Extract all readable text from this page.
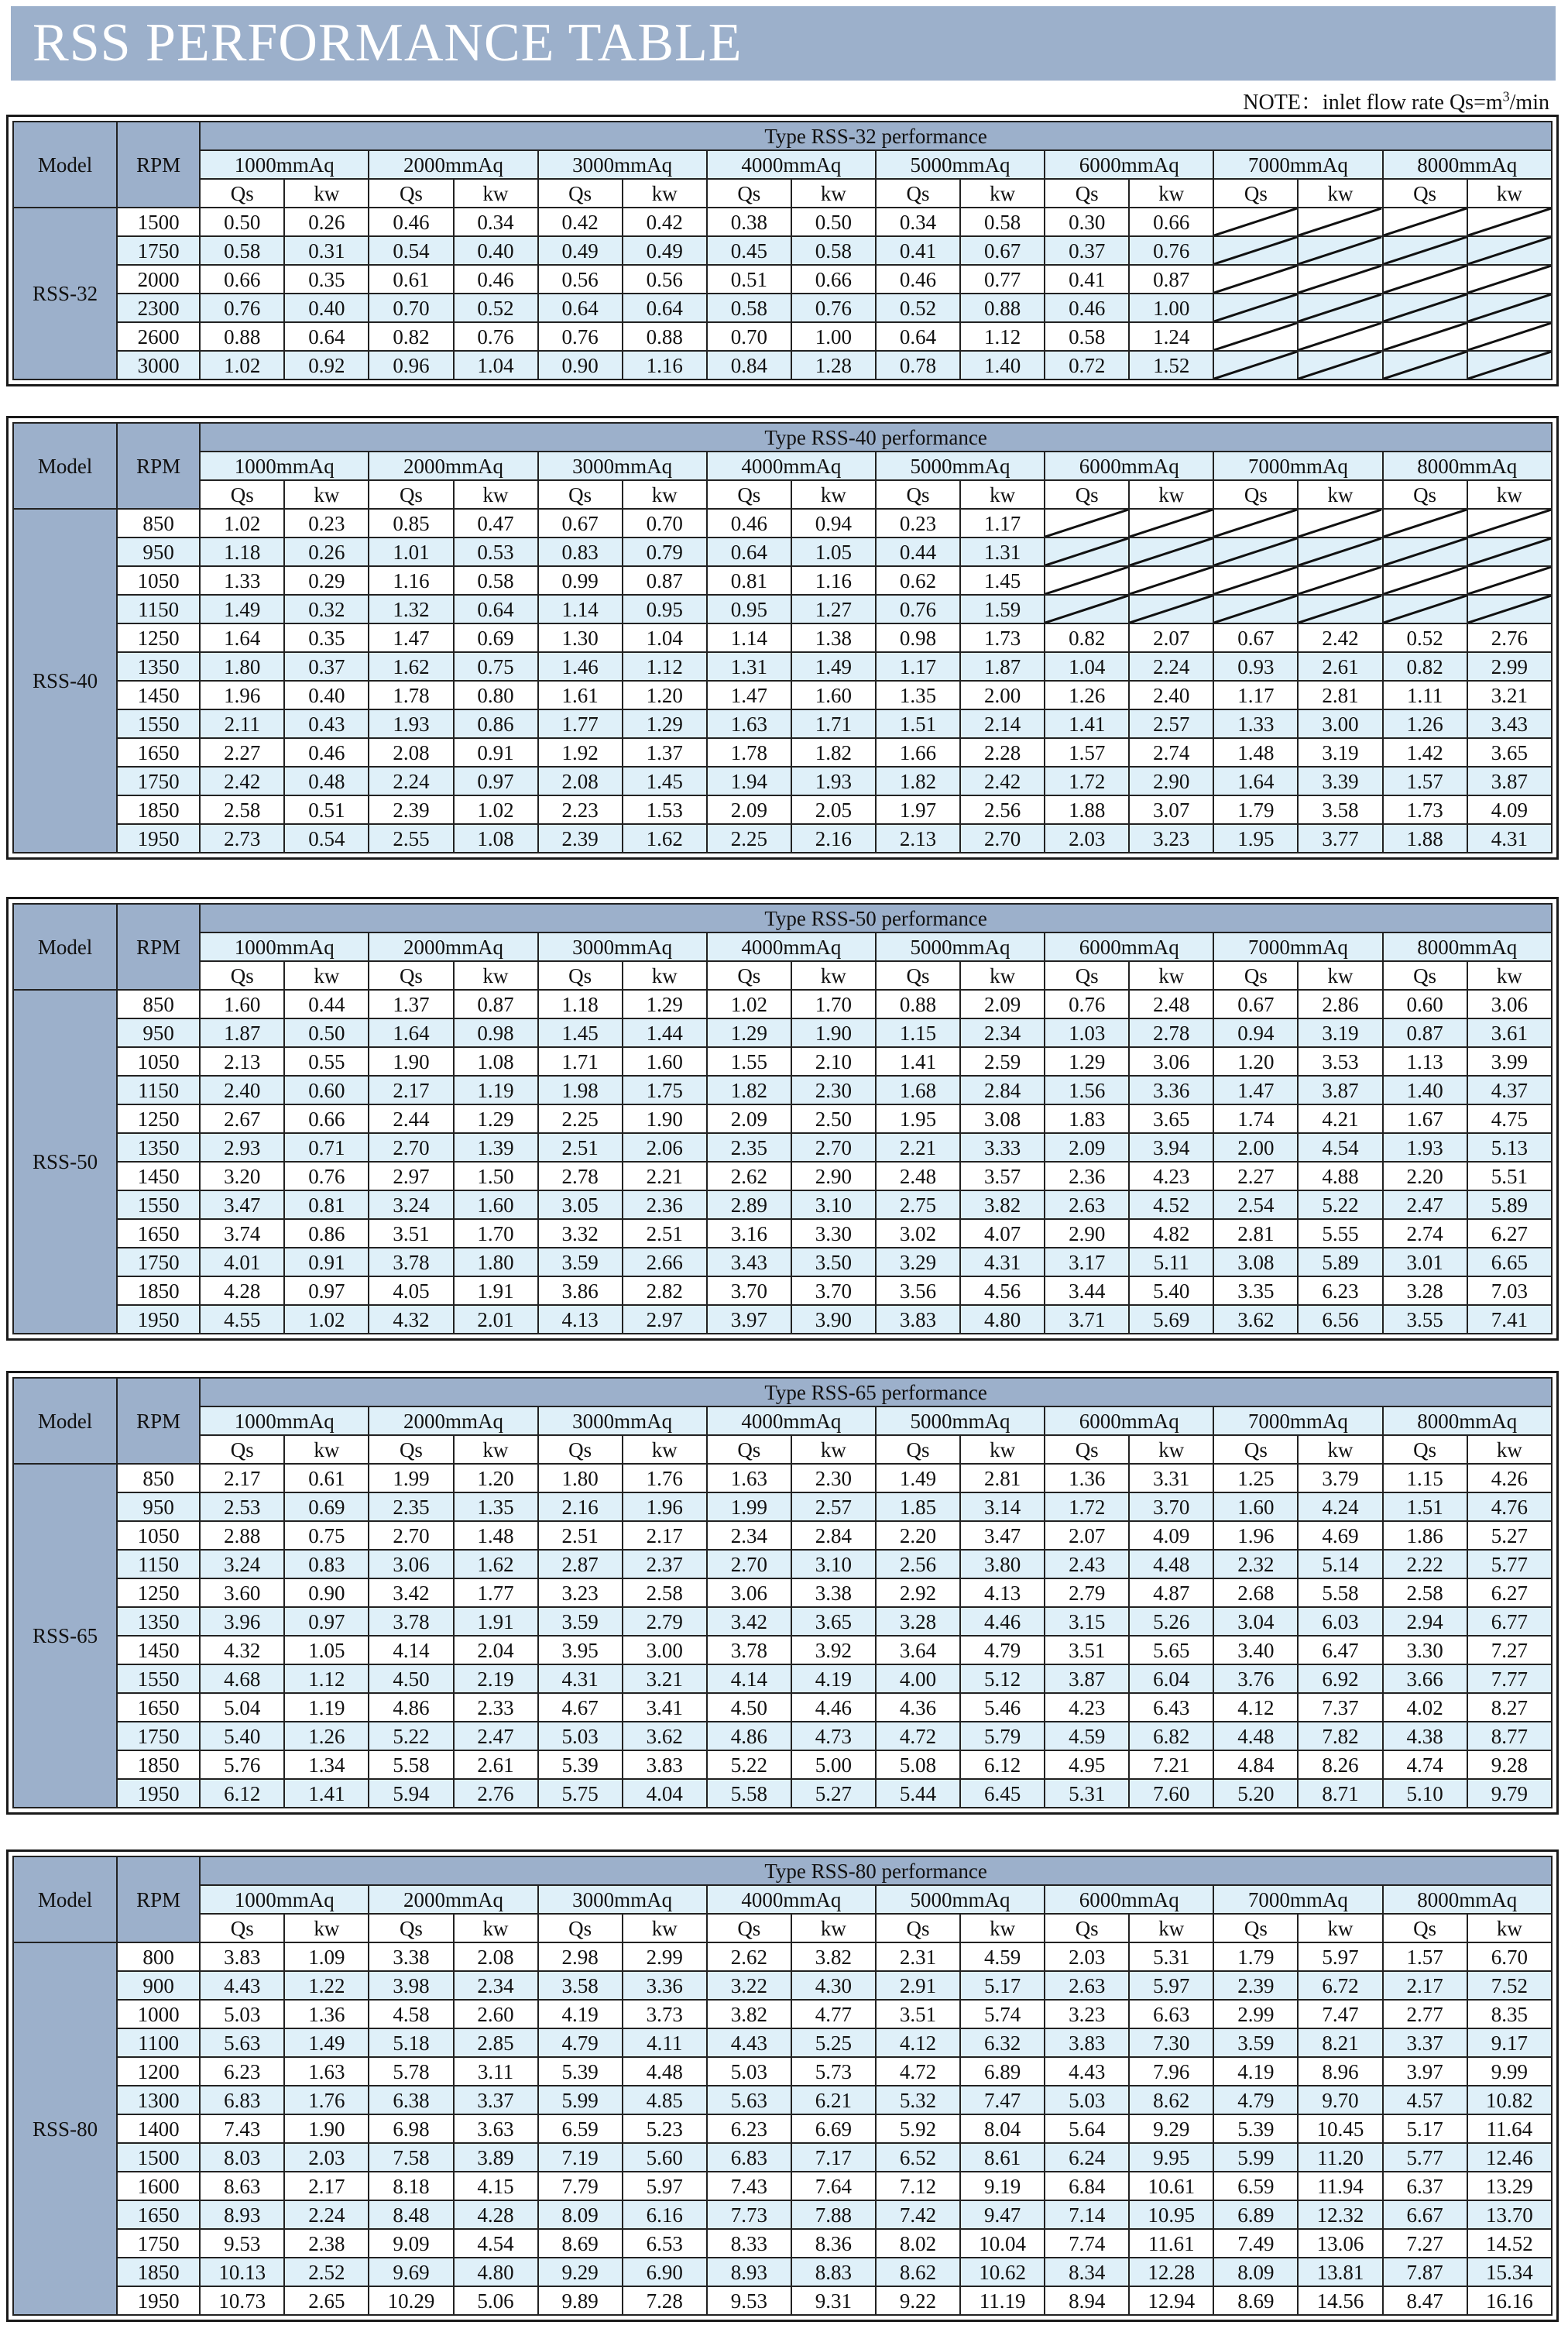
RSS PERFORMANCE TABLE
NOTE：inlet flow rate $Qs=m^3/\min$
Model	RPM	Type RSS-32 performance															
		1000mmAq		2000mmAq		3000mmAq		4000mmAq		5000mmAq		6000mmAq		7000mmAq		8000mmAq	
		Qs	kw	Qs	kw	Qs	kw	Qs	kw	Qs	kw	Qs	kw	Qs	kw	Qs	kw
RSS-32	1500	0.50	0.26	0.46	0.34	0.42	0.42	0.38	0.50	0.34	0.58	0.30	0.66	

	1750	0.58	0.31	0.54	0.40	0.49	0.49	0.45	0.58	0.41	0.67	0.37	0.76	

	2000	0.66	0.35	0.61	0.46	0.56	0.56	0.51	0.66	0.46	0.77	0.41	0.87	

	2300	0.76	0.40	0.70	0.52	0.64	0.64	0.58	0.76	0.52	0.88	0.46	1.00	

	2600	0.88	0.64	0.82	0.76	0.76	0.88	0.70	1.00	0.64	1.12	0.58	1.24	

	3000	1.02	0.92	0.96	1.04	0.90	1.16	0.84	1.28	0.78	1.40	0.72	1.52	

Model	RPM	Type RSS-40 performance															
		1000mmAq		2000mmAq		3000mmAq		4000mmAq		5000mmAq		6000mmAq		7000mmAq		8000mmAq	
		Qs	kw	Qs	kw	Qs	kw	Qs	kw	Qs	kw	Qs	kw	Qs	kw	Qs	kw
RSS-40	850	1.02	0.23	0.85	0.47	0.67	0.70	0.46	0.94	0.23	1.17	

	950	1.18	0.26	1.01	0.53	0.83	0.79	0.64	1.05	0.44	1.31	

	1050	1.33	0.29	1.16	0.58	0.99	0.87	0.81	1.16	0.62	1.45	

	1150	1.49	0.32	1.32	0.64	1.14	0.95	0.95	1.27	0.76	1.59	

	1250	1.64	0.35	1.47	0.69	1.30	1.04	1.14	1.38	0.98	1.73	0.82	2.07	0.67	2.42	0.52	2.76
	1350	1.80	0.37	1.62	0.75	1.46	1.12	1.31	1.49	1.17	1.87	1.04	2.24	0.93	2.61	0.82	2.99
	1450	1.96	0.40	1.78	0.80	1.61	1.20	1.47	1.60	1.35	2.00	1.26	2.40	1.17	2.81	1.11	3.21
	1550	2.11	0.43	1.93	0.86	1.77	1.29	1.63	1.71	1.51	2.14	1.41	2.57	1.33	3.00	1.26	3.43
	1650	2.27	0.46	2.08	0.91	1.92	1.37	1.78	1.82	1.66	2.28	1.57	2.74	1.48	3.19	1.42	3.65
	1750	2.42	0.48	2.24	0.97	2.08	1.45	1.94	1.93	1.82	2.42	1.72	2.90	1.64	3.39	1.57	3.87
	1850	2.58	0.51	2.39	1.02	2.23	1.53	2.09	2.05	1.97	2.56	1.88	3.07	1.79	3.58	1.73	4.09
	1950	2.73	0.54	2.55	1.08	2.39	1.62	2.25	2.16	2.13	2.70	2.03	3.23	1.95	3.77	1.88	4.31
Model	RPM	Type RSS-50 performance															
		1000mmAq		2000mmAq		3000mmAq		4000mmAq		5000mmAq		6000mmAq		7000mmAq		8000mmAq	
		Qs	kw	Qs	kw	Qs	kw	Qs	kw	Qs	kw	Qs	kw	Qs	kw	Qs	kw
RSS-50	850	1.60	0.44	1.37	0.87	1.18	1.29	1.02	1.70	0.88	2.09	0.76	2.48	0.67	2.86	0.60	3.06
	950	1.87	0.50	1.64	0.98	1.45	1.44	1.29	1.90	1.15	2.34	1.03	2.78	0.94	3.19	0.87	3.61
	1050	2.13	0.55	1.90	1.08	1.71	1.60	1.55	2.10	1.41	2.59	1.29	3.06	1.20	3.53	1.13	3.99
	1150	2.40	0.60	2.17	1.19	1.98	1.75	1.82	2.30	1.68	2.84	1.56	3.36	1.47	3.87	1.40	4.37
	1250	2.67	0.66	2.44	1.29	2.25	1.90	2.09	2.50	1.95	3.08	1.83	3.65	1.74	4.21	1.67	4.75
	1350	2.93	0.71	2.70	1.39	2.51	2.06	2.35	2.70	2.21	3.33	2.09	3.94	2.00	4.54	1.93	5.13
	1450	3.20	0.76	2.97	1.50	2.78	2.21	2.62	2.90	2.48	3.57	2.36	4.23	2.27	4.88	2.20	5.51
	1550	3.47	0.81	3.24	1.60	3.05	2.36	2.89	3.10	2.75	3.82	2.63	4.52	2.54	5.22	2.47	5.89
	1650	3.74	0.86	3.51	1.70	3.32	2.51	3.16	3.30	3.02	4.07	2.90	4.82	2.81	5.55	2.74	6.27
	1750	4.01	0.91	3.78	1.80	3.59	2.66	3.43	3.50	3.29	4.31	3.17	5.11	3.08	5.89	3.01	6.65
	1850	4.28	0.97	4.05	1.91	3.86	2.82	3.70	3.70	3.56	4.56	3.44	5.40	3.35	6.23	3.28	7.03
	1950	4.55	1.02	4.32	2.01	4.13	2.97	3.97	3.90	3.83	4.80	3.71	5.69	3.62	6.56	3.55	7.41
Model	RPM	Type RSS-65 performance															
		1000mmAq		2000mmAq		3000mmAq		4000mmAq		5000mmAq		6000mmAq		7000mmAq		8000mmAq	
		Qs	kw	Qs	kw	Qs	kw	Qs	kw	Qs	kw	Qs	kw	Qs	kw	Qs	kw
RSS-65	850	2.17	0.61	1.99	1.20	1.80	1.76	1.63	2.30	1.49	2.81	1.36	3.31	1.25	3.79	1.15	4.26
	950	2.53	0.69	2.35	1.35	2.16	1.96	1.99	2.57	1.85	3.14	1.72	3.70	1.60	4.24	1.51	4.76
	1050	2.88	0.75	2.70	1.48	2.51	2.17	2.34	2.84	2.20	3.47	2.07	4.09	1.96	4.69	1.86	5.27
	1150	3.24	0.83	3.06	1.62	2.87	2.37	2.70	3.10	2.56	3.80	2.43	4.48	2.32	5.14	2.22	5.77
	1250	3.60	0.90	3.42	1.77	3.23	2.58	3.06	3.38	2.92	4.13	2.79	4.87	2.68	5.58	2.58	6.27
	1350	3.96	0.97	3.78	1.91	3.59	2.79	3.42	3.65	3.28	4.46	3.15	5.26	3.04	6.03	2.94	6.77
	1450	4.32	1.05	4.14	2.04	3.95	3.00	3.78	3.92	3.64	4.79	3.51	5.65	3.40	6.47	3.30	7.27
	1550	4.68	1.12	4.50	2.19	4.31	3.21	4.14	4.19	4.00	5.12	3.87	6.04	3.76	6.92	3.66	7.77
	1650	5.04	1.19	4.86	2.33	4.67	3.41	4.50	4.46	4.36	5.46	4.23	6.43	4.12	7.37	4.02	8.27
	1750	5.40	1.26	5.22	2.47	5.03	3.62	4.86	4.73	4.72	5.79	4.59	6.82	4.48	7.82	4.38	8.77
	1850	5.76	1.34	5.58	2.61	5.39	3.83	5.22	5.00	5.08	6.12	4.95	7.21	4.84	8.26	4.74	9.28
	1950	6.12	1.41	5.94	2.76	5.75	4.04	5.58	5.27	5.44	6.45	5.31	7.60	5.20	8.71	5.10	9.79
Model	RPM	Type RSS-80 performance															
		1000mmAq		2000mmAq		3000mmAq		4000mmAq		5000mmAq		6000mmAq		7000mmAq		8000mmAq	
		Qs	kw	Qs	kw	Qs	kw	Qs	kw	Qs	kw	Qs	kw	Qs	kw	Qs	kw
RSS-80	800	3.83	1.09	3.38	2.08	2.98	2.99	2.62	3.82	2.31	4.59	2.03	5.31	1.79	5.97	1.57	6.70
	900	4.43	1.22	3.98	2.34	3.58	3.36	3.22	4.30	2.91	5.17	2.63	5.97	2.39	6.72	2.17	7.52
	1000	5.03	1.36	4.58	2.60	4.19	3.73	3.82	4.77	3.51	5.74	3.23	6.63	2.99	7.47	2.77	8.35
	1100	5.63	1.49	5.18	2.85	4.79	4.11	4.43	5.25	4.12	6.32	3.83	7.30	3.59	8.21	3.37	9.17
	1200	6.23	1.63	5.78	3.11	5.39	4.48	5.03	5.73	4.72	6.89	4.43	7.96	4.19	8.96	3.97	9.99
	1300	6.83	1.76	6.38	3.37	5.99	4.85	5.63	6.21	5.32	7.47	5.03	8.62	4.79	9.70	4.57	10.82
	1400	7.43	1.90	6.98	3.63	6.59	5.23	6.23	6.69	5.92	8.04	5.64	9.29	5.39	10.45	5.17	11.64
	1500	8.03	2.03	7.58	3.89	7.19	5.60	6.83	7.17	6.52	8.61	6.24	9.95	5.99	11.20	5.77	12.46
	1600	8.63	2.17	8.18	4.15	7.79	5.97	7.43	7.64	7.12	9.19	6.84	10.61	6.59	11.94	6.37	13.29
	1650	8.93	2.24	8.48	4.28	8.09	6.16	7.73	7.88	7.42	9.47	7.14	10.95	6.89	12.32	6.67	13.70
	1750	9.53	2.38	9.09	4.54	8.69	6.53	8.33	8.36	8.02	10.04	7.74	11.61	7.49	13.06	7.27	14.52
	1850	10.13	2.52	9.69	4.80	9.29	6.90	8.93	8.83	8.62	10.62	8.34	12.28	8.09	13.81	7.87	15.34
	1950	10.73	2.65	10.29	5.06	9.89	7.28	9.53	9.31	9.22	11.19	8.94	12.94	8.69	14.56	8.47	16.16
